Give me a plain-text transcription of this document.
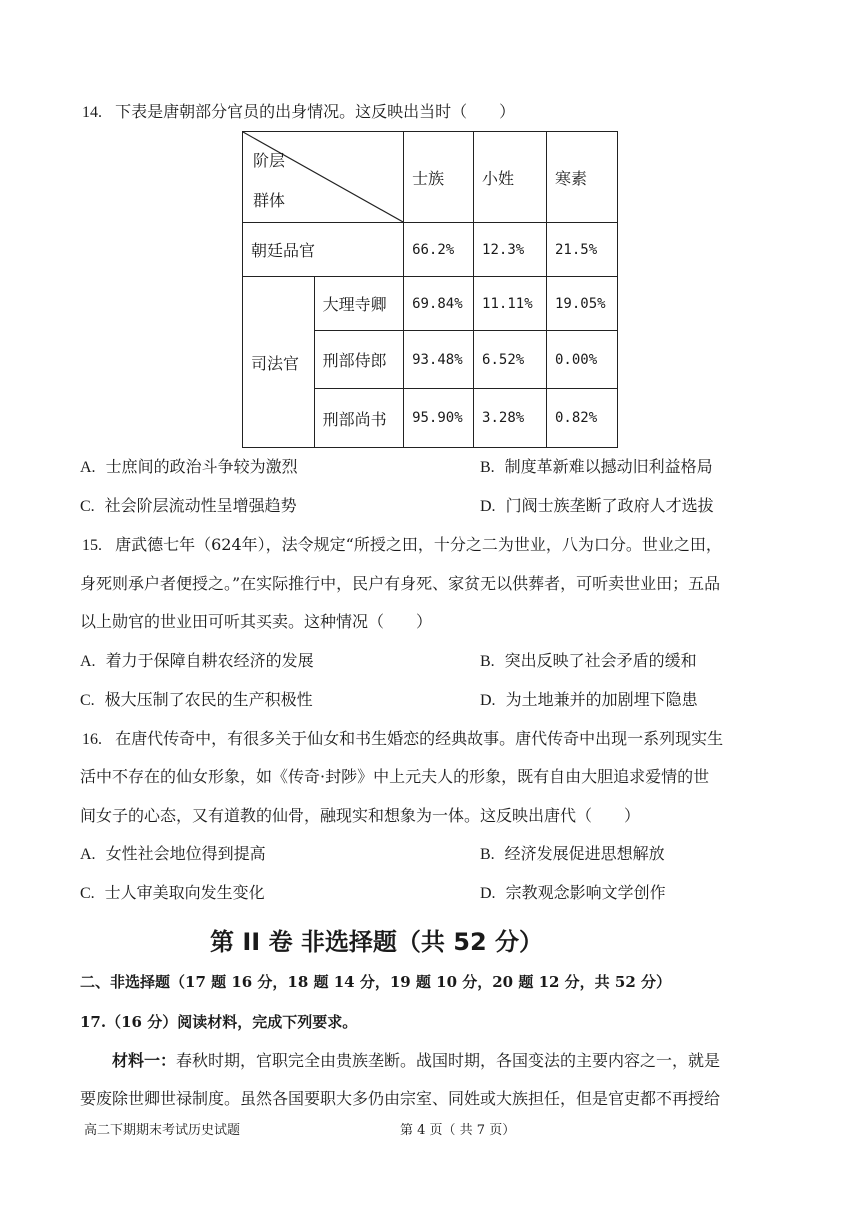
14. 下表是唐朝部分官员的出身情况。这反映出当时（　　）
阶层
群体		士族	小姓	寒素
朝廷品官		66.2%	12.3%	21.5%
司法官	大理寺卿	69.84%	11.11%	19.05%
	刑部侍郎	93.48%	6.52%	0.00%
	刑部尚书	95.90%	3.28%	0.82%
A. 士庶间的政治斗争较为激烈	B. 制度革新难以撼动旧利益格局
C. 社会阶层流动性呈增强趋势	D. 门阀士族垄断了政府人才选拔
15. 唐武德七年（624年），法令规定“所授之田，十分之二为世业，八为口分。世业之田，
身死则承户者便授之。”在实际推行中，民户有身死、家贫无以供葬者，可听卖世业田；五品
以上勋官的世业田可听其买卖。这种情况（　　）
A. 着力于保障自耕农经济的发展	B. 突出反映了社会矛盾的缓和
C. 极大压制了农民的生产积极性	D. 为土地兼并的加剧埋下隐患
16. 在唐代传奇中，有很多关于仙女和书生婚恋的经典故事。唐代传奇中出现一系列现实生
活中不存在的仙女形象，如《传奇·封陟》中上元夫人的形象，既有自由大胆追求爱情的世
间女子的心态，又有道教的仙骨，融现实和想象为一体。这反映出唐代（　　）
A. 女性社会地位得到提高	B. 经济发展促进思想解放
C. 士人审美取向发生变化	D. 宗教观念影响文学创作
第 II 卷 非选择题（共 52 分）
二、非选择题（17 题 16 分，18 题 14 分，19 题 10 分，20 题 12 分，共 52 分）
17.（16 分）阅读材料，完成下列要求。
材料一：春秋时期，官职完全由贵族垄断。战国时期，各国变法的主要内容之一，就是
要废除世卿世禄制度。虽然各国要职大多仍由宗室、同姓或大族担任，但是官吏都不再授给
高二下期期末考试历史试题	第 4 页（ 共 7 页）
